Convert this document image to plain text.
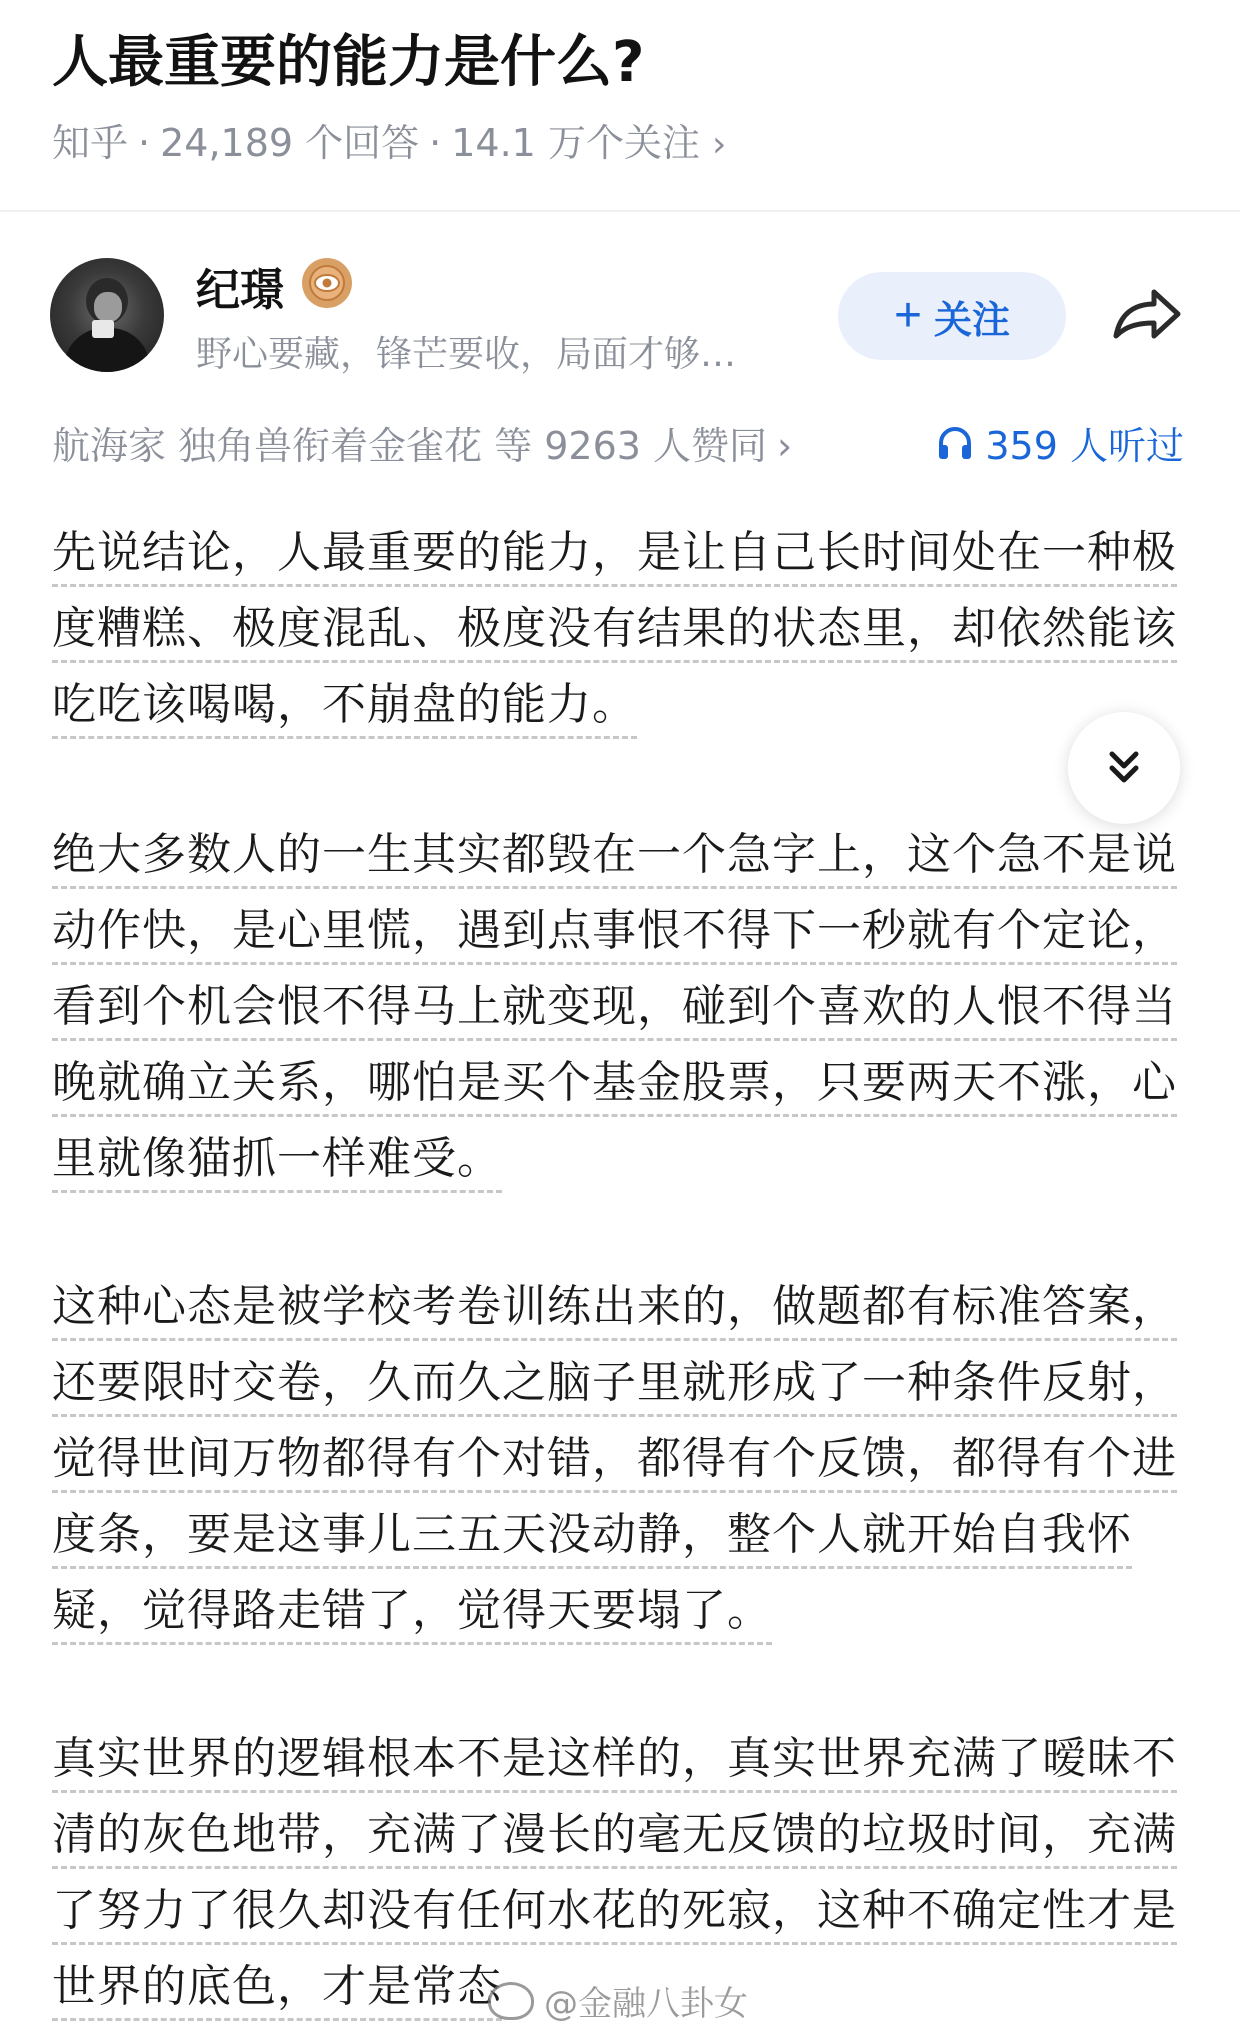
人最重要的能力是什么?
知乎 · 24,189 个回答 · 14.1 万个关注 ›
纪璟
野心要藏，锋芒要收，局面才够…
+ 关注
航海家 独角兽衔着金雀花 等 9263 人赞同 ›	359 人听过

先说结论，人最重要的能力，是让自己长时间处在一种极度糟糕、极度混乱、极度没有结果的状态里，却依然能该吃吃该喝喝，不崩盘的能力。

绝大多数人的一生其实都毁在一个急字上，这个急不是说动作快，是心里慌，遇到点事恨不得下一秒就有个定论，看到个机会恨不得马上就变现，碰到个喜欢的人恨不得当晚就确立关系，哪怕是买个基金股票，只要两天不涨，心里就像猫抓一样难受。

这种心态是被学校考卷训练出来的，做题都有标准答案，还要限时交卷，久而久之脑子里就形成了一种条件反射，觉得世间万物都得有个对错，都得有个反馈，都得有个进度条，要是这事儿三五天没动静，整个人就开始自我怀疑，觉得路走错了，觉得天要塌了。

真实世界的逻辑根本不是这样的，真实世界充满了暧昧不清的灰色地带，充满了漫长的毫无反馈的垃圾时间，充满了努力了很久却没有任何水花的死寂，这种不确定性才是世界的底色，才是常态	@金融八卦女
